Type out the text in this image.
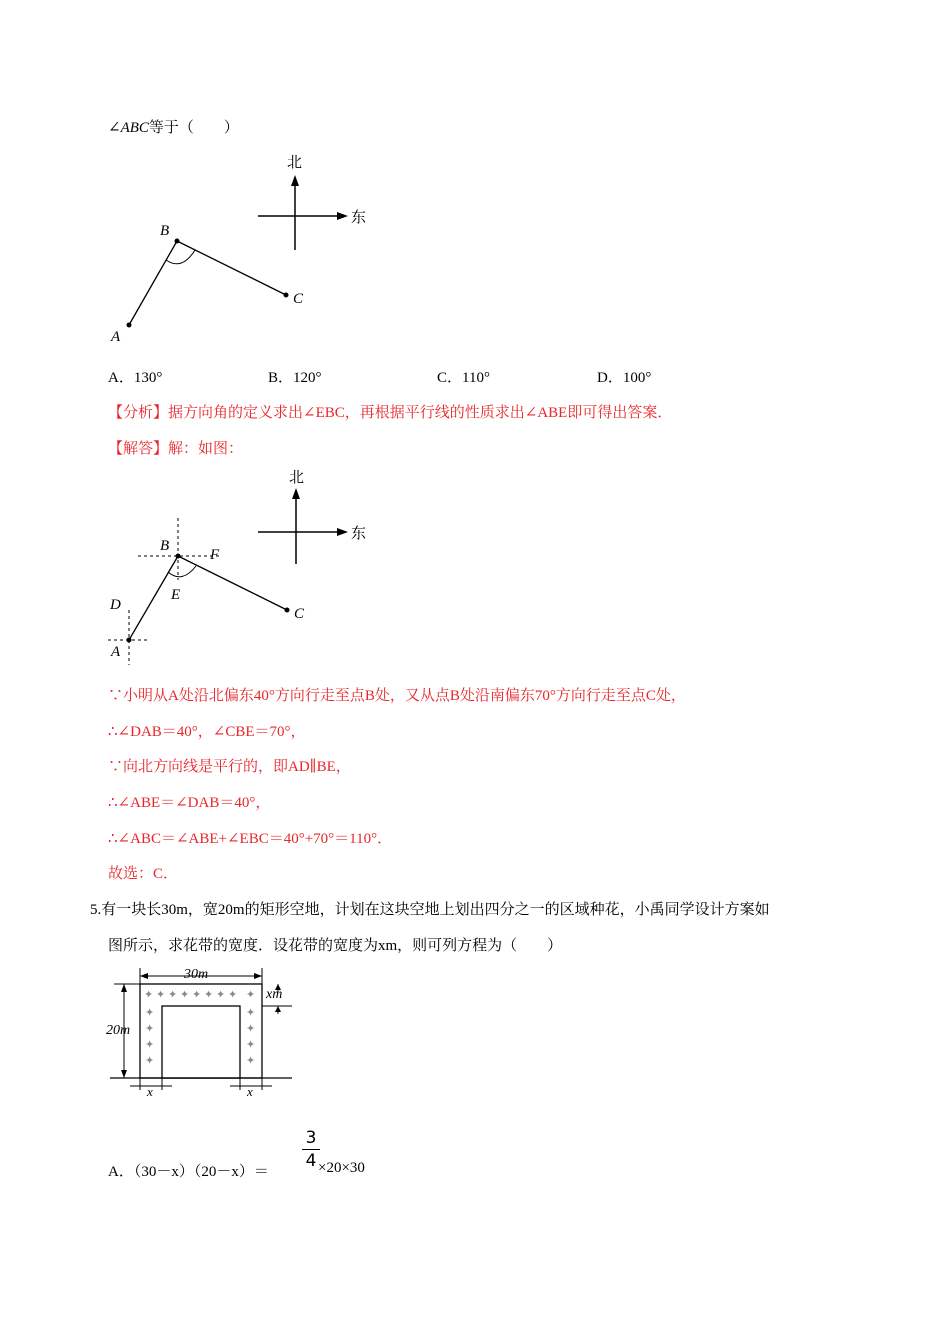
∠ABC等于（　　）
北
东
A
B
C
A．130°	B．120°	C．110°	D．100°
【分析】据方向角的定义求出∠EBC，再根据平行线的性质求出∠ABE即可得出答案．
【解答】解：如图：
北
东
A
B
C
D
E
F
∵小明从A处沿北偏东40°方向行走至点B处，又从点B处沿南偏东70°方向行走至点C处，
∴∠DAB＝40°，∠CBE＝70°，
∵向北方向线是平行的，即AD∥BE，
∴∠ABE＝∠DAB＝40°，
∴∠ABC＝∠ABE+∠EBC＝40°+70°＝110°．
故选：C．
5.有一块长30m，宽20m的矩形空地，计划在这块空地上划出四分之一的区域种花，小禹同学设计方案如
图所示，求花带的宽度．设花带的宽度为xm，则可列方程为（　　）
30m
20m
✦ ✦ ✦ ✦ ✦ ✦ ✦ ✦ ✦
✦
✦
✦
✦
✦
✦
✦
✦
xm
x	x
A．（30－x）（20－x）＝
3
4 ×20×30
